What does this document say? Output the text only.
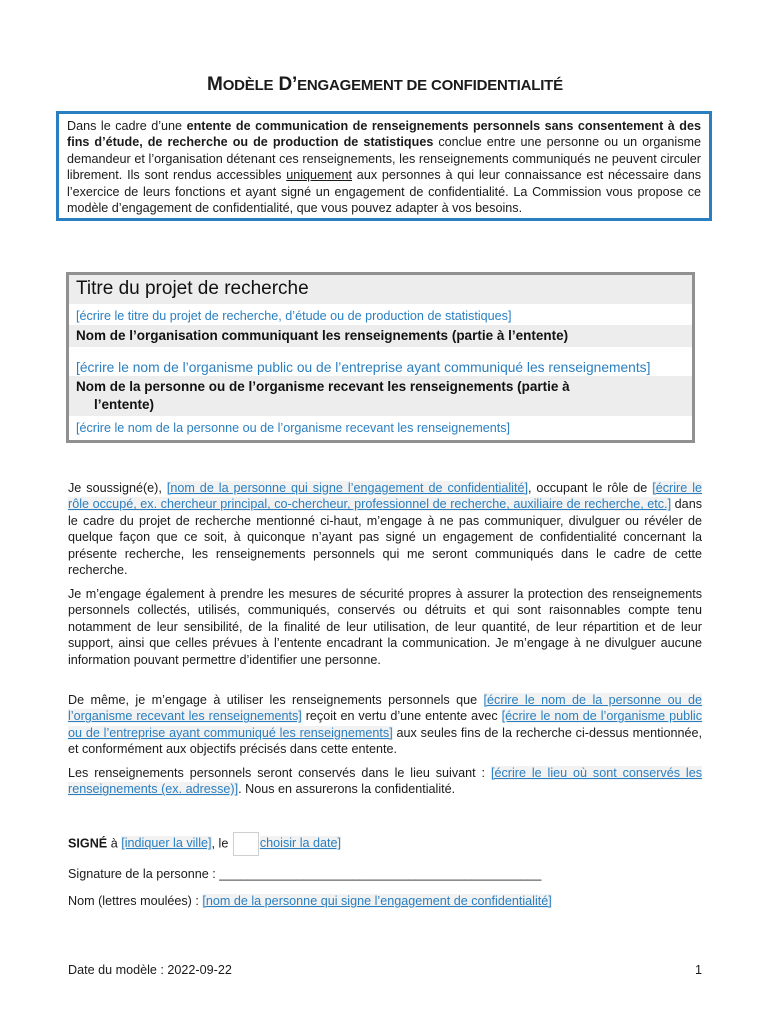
MODÈLE D’ENGAGEMENT DE CONFIDENTIALITÉ
Dans le cadre d’une entente de communication de renseignements personnels sans consentement à des fins d’étude, de recherche ou de production de statistiques conclue entre une personne ou un organisme demandeur et l’organisation détenant ces renseignements, les renseignements communiqués ne peuvent circuler librement. Ils sont rendus accessibles uniquement aux personnes à qui leur connaissance est nécessaire dans l’exercice de leurs fonctions et ayant signé un engagement de confidentialité. La Commission vous propose ce modèle d’engagement de confidentialité, que vous pouvez adapter à vos besoins.
Titre du projet de recherche
[écrire le titre du projet de recherche, d’étude ou de production de statistiques]
Nom de l’organisation communiquant les renseignements (partie à l’entente)
[écrire le nom de l’organisme public ou de l’entreprise ayant communiqué les renseignements]
Nom de la personne ou de l’organisme recevant les renseignements (partie à
l’entente)
[écrire le nom de la personne ou de l’organisme recevant les renseignements]
Je soussigné(e), [nom de la personne qui signe l’engagement de confidentialité], occupant le rôle de [écrire le rôle occupé, ex. chercheur principal, co-chercheur, professionnel de recherche, auxiliaire de recherche, etc.] dans le cadre du projet de recherche mentionné ci-haut, m’engage à ne pas communiquer, divulguer ou révéler de quelque façon que ce soit, à quiconque n’ayant pas signé un engagement de confidentialité concernant la présente recherche, les renseignements personnels qui me seront communiqués dans le cadre de cette recherche.
Je m’engage également à prendre les mesures de sécurité propres à assurer la protection des renseignements personnels collectés, utilisés, communiqués, conservés ou détruits et qui sont raisonnables compte tenu notamment de leur sensibilité, de la finalité de leur utilisation, de leur quantité, de leur répartition et de leur support, ainsi que celles prévues à l’entente encadrant la communication. Je m’engage à ne divulguer aucune information pouvant permettre d’identifier une personne.
De même, je m’engage à utiliser les renseignements personnels que [écrire le nom de la personne ou de l’organisme recevant les renseignements] reçoit en vertu d’une entente avec [écrire le nom de l’organisme public ou de l’entreprise ayant communiqué les renseignements] aux seules fins de la recherche ci-dessus mentionnée, et conformément aux objectifs précisés dans cette entente.
Les renseignements personnels seront conservés dans le lieu suivant : [écrire le lieu où sont conservés les renseignements (ex. adresse)]. Nous en assurerons la confidentialité.
SIGNÉ à [indiquer la ville], le choisir la date]
Signature de la personne : ______________________________________________
Nom (lettres moulées) : [nom de la personne qui signe l’engagement de confidentialité]
Date du modèle : 2022-09-22	1
